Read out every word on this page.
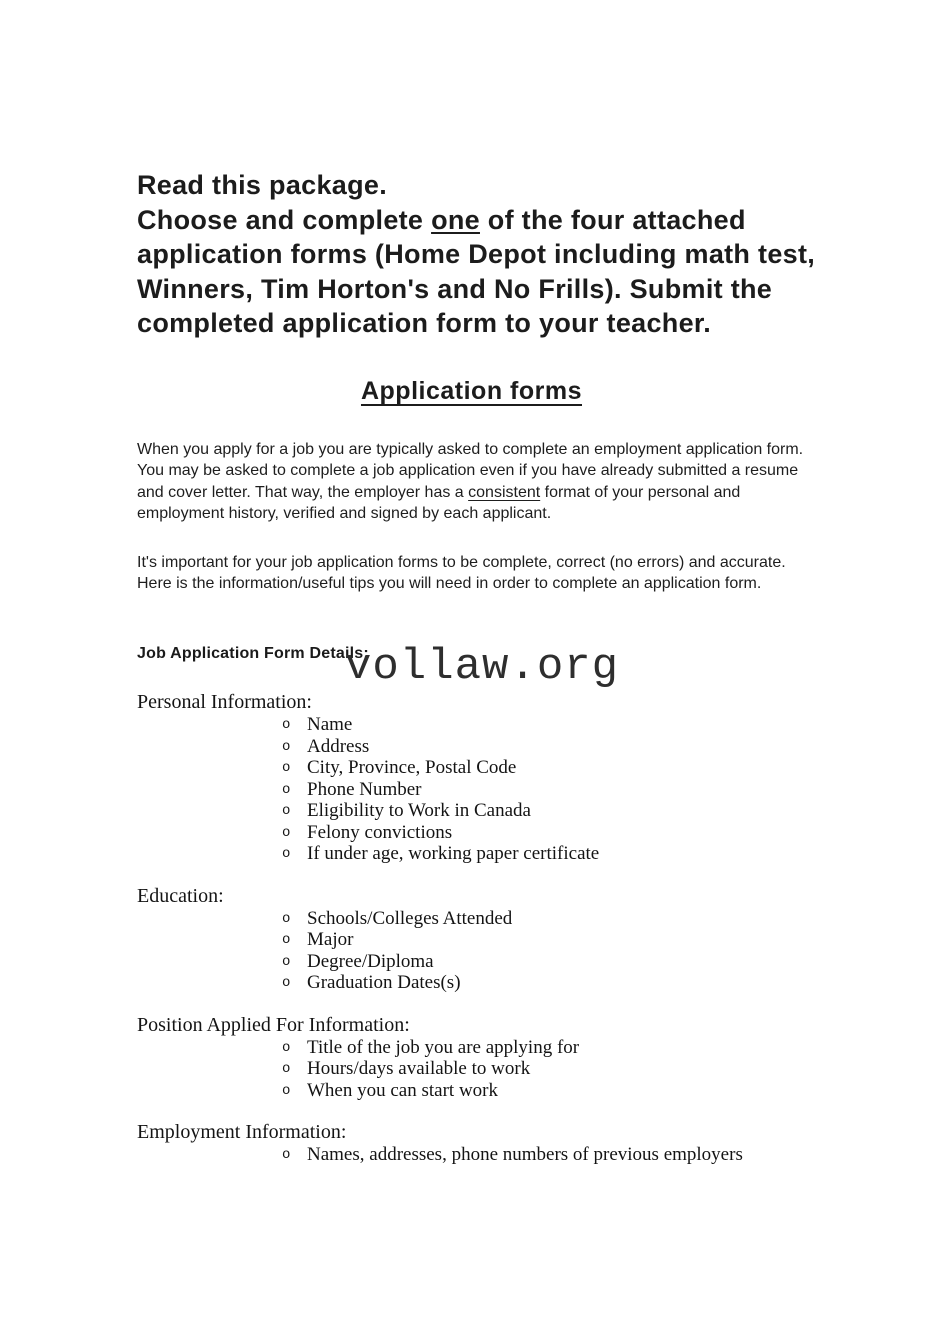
Read this package.
Choose and complete one of the four attached
application forms (Home Depot including math test,
Winners, Tim Horton's and No Frills). Submit the
completed application form to your teacher.
Application forms

When you apply for a job you are typically asked to complete an employment application form. You may be asked to complete a job application even if you have already submitted a resume and cover letter. That way, the employer has a consistent format of your personal and employment history, verified and signed by each applicant.

It's important for your job application forms to be complete, correct (no errors) and accurate. Here is the information/useful tips you will need in order to complete an application form.

Job Application Form Details:
vollaw.org
Personal Information:
o Name
o Address
o City, Province, Postal Code
o Phone Number
o Eligibility to Work in Canada
o Felony convictions
o If under age, working paper certificate
Education:
o Schools/Colleges Attended
o Major
o Degree/Diploma
o Graduation Dates(s)
Position Applied For Information:
o Title of the job you are applying for
o Hours/days available to work
o When you can start work
Employment Information:
o Names, addresses, phone numbers of previous employers
